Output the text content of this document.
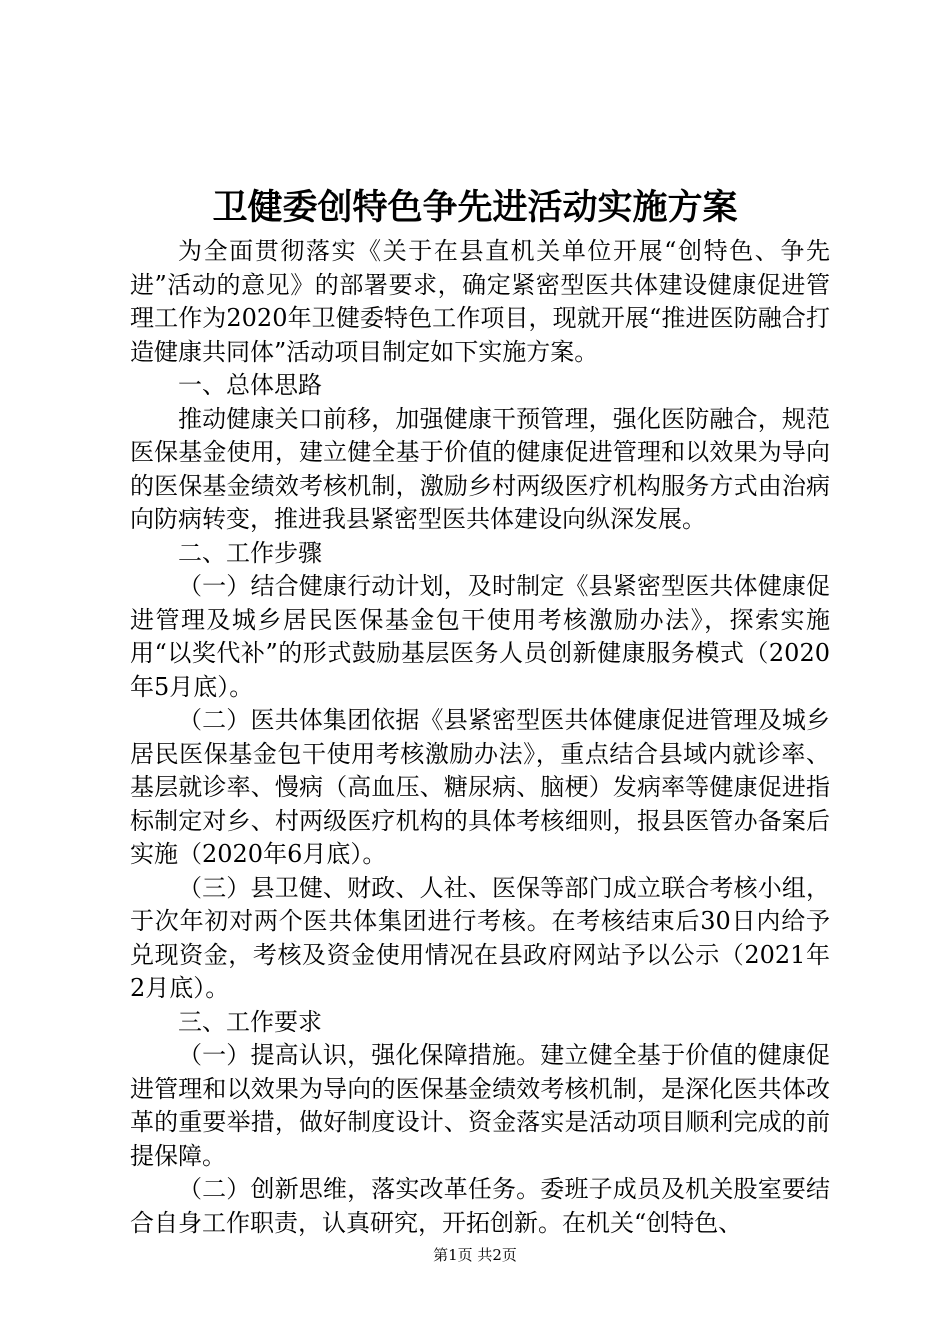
卫健委创特色争先进活动实施方案

为全面贯彻落实《关于在县直机关单位开展“创特色、争先进”活动的意见》的部署要求，确定紧密型医共体建设健康促进管理工作为2020年卫健委特色工作项目，现就开展“推进医防融合打造健康共同体”活动项目制定如下实施方案。

一、总体思路

推动健康关口前移，加强健康干预管理，强化医防融合，规范医保基金使用，建立健全基于价值的健康促进管理和以效果为导向的医保基金绩效考核机制，激励乡村两级医疗机构服务方式由治病向防病转变，推进我县紧密型医共体建设向纵深发展。

二、工作步骤

（一）结合健康行动计划，及时制定《县紧密型医共体健康促进管理及城乡居民医保基金包干使用考核激励办法》，探索实施用“以奖代补”的形式鼓励基层医务人员创新健康服务模式（2020年5月底）。

（二）医共体集团依据《县紧密型医共体健康促进管理及城乡居民医保基金包干使用考核激励办法》，重点结合县域内就诊率、基层就诊率、慢病（高血压、糖尿病、脑梗）发病率等健康促进指标制定对乡、村两级医疗机构的具体考核细则，报县医管办备案后实施（2020年6月底）。

（三）县卫健、财政、人社、医保等部门成立联合考核小组，于次年初对两个医共体集团进行考核。在考核结束后30日内给予兑现资金，考核及资金使用情况在县政府网站予以公示（2021年2月底）。

三、工作要求

（一）提高认识，强化保障措施。建立健全基于价值的健康促进管理和以效果为导向的医保基金绩效考核机制，是深化医共体改革的重要举措，做好制度设计、资金落实是活动项目顺利完成的前提保障。

（二）创新思维，落实改革任务。委班子成员及机关股室要结合自身工作职责，认真研究，开拓创新。在机关“创特色、

第1页 共2页
